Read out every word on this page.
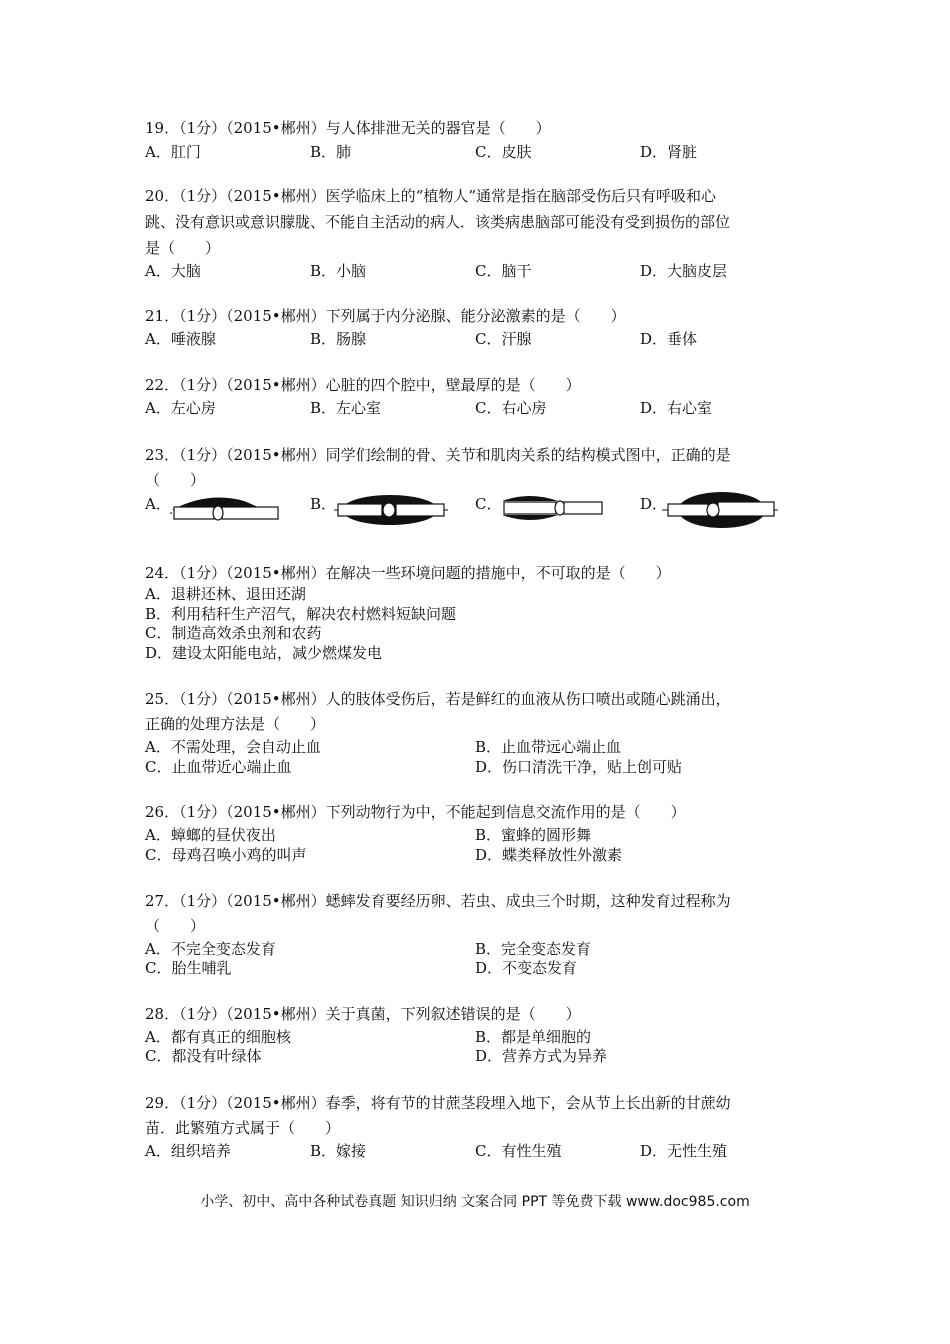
19．（1分）（2015•郴州）与人体排泄无关的器官是（　　）
A．肛门	B．肺	C．皮肤	D．肾脏
20．（1分）（2015•郴州）医学临床上的“植物人”通常是指在脑部受伤后只有呼吸和心
跳、没有意识或意识朦胧、不能自主活动的病人．该类病患脑部可能没有受到损伤的部位
是（　　）
A．大脑	B．小脑	C．脑干	D．大脑皮层
21．（1分）（2015•郴州）下列属于内分泌腺、能分泌激素的是（　　）
A．唾液腺	B．肠腺	C．汗腺	D．垂体
22．（1分）（2015•郴州）心脏的四个腔中，壁最厚的是（　　）
A．左心房	B．左心室	C．右心房	D．右心室
23．（1分）（2015•郴州）同学们绘制的骨、关节和肌肉关系的结构模式图中，正确的是
（　　）
A．	B．	C．	D．
24．（1分）（2015•郴州）在解决一些环境问题的措施中，不可取的是（　　）
A．退耕还林、退田还湖
B．利用秸秆生产沼气，解决农村燃料短缺问题
C．制造高效杀虫剂和农药
D．建设太阳能电站，减少燃煤发电
25．（1分）（2015•郴州）人的肢体受伤后，若是鲜红的血液从伤口喷出或随心跳涌出，
正确的处理方法是（　　）
A．不需处理，会自动止血	B．止血带远心端止血
C．止血带近心端止血	D．伤口清洗干净，贴上创可贴
26．（1分）（2015•郴州）下列动物行为中，不能起到信息交流作用的是（　　）
A．蟑螂的昼伏夜出	B．蜜蜂的圆形舞
C．母鸡召唤小鸡的叫声	D．蝶类释放性外激素
27．（1分）（2015•郴州）蟋蟀发育要经历卵、若虫、成虫三个时期，这种发育过程称为
（　　）
A．不完全变态发育	B．完全变态发育
C．胎生哺乳	D．不变态发育
28．（1分）（2015•郴州）关于真菌，下列叙述错误的是（　　）
A．都有真正的细胞核	B．都是单细胞的
C．都没有叶绿体	D．营养方式为异养
29．（1分）（2015•郴州）春季，将有节的甘蔗茎段埋入地下，会从节上长出新的甘蔗幼
苗．此繁殖方式属于（　　）
A．组织培养	B．嫁接	C．有性生殖	D．无性生殖
小学、初中、高中各种试卷真题 知识归纳 文案合同 PPT 等免费下载 www.doc985.com
